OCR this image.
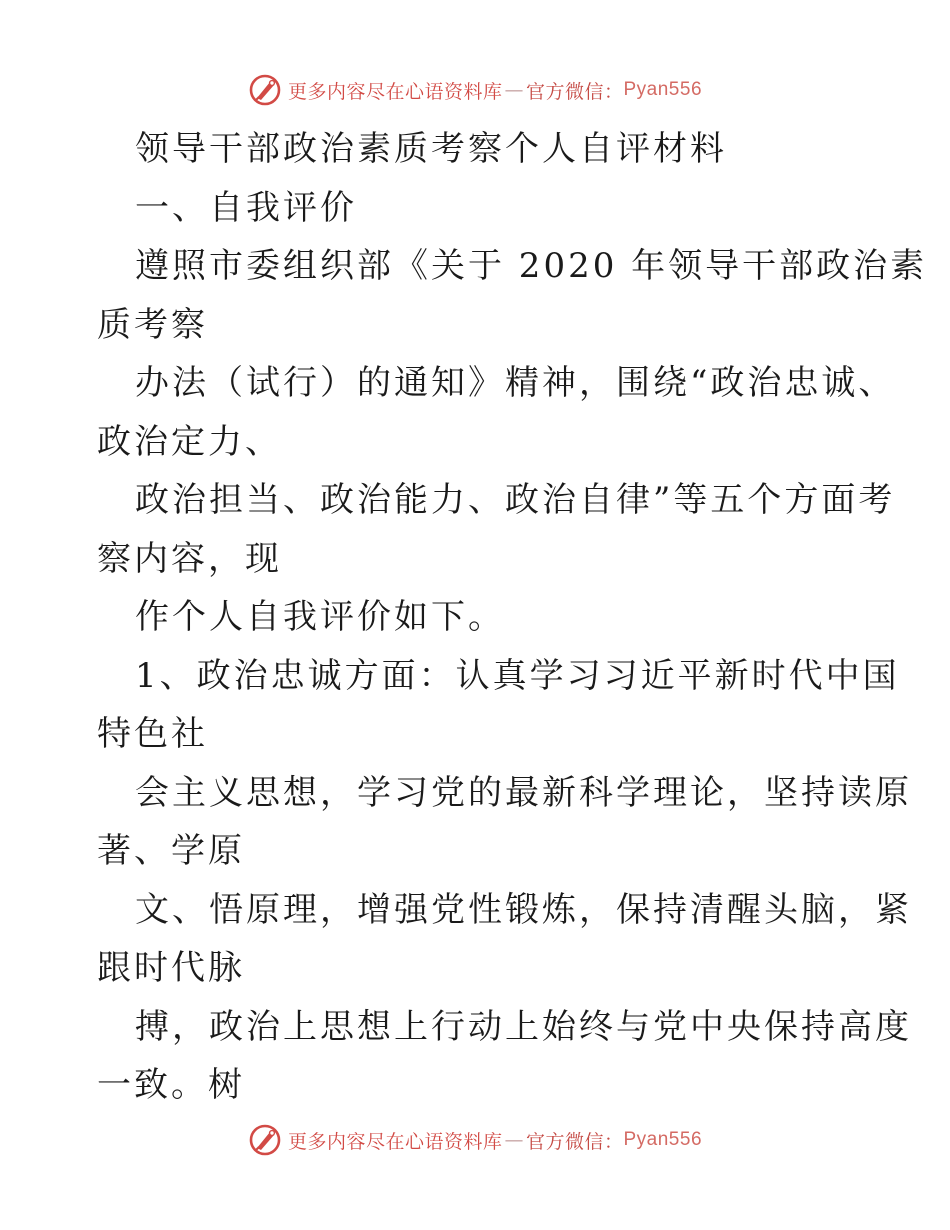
更多内容尽在心语资料库 — 官方微信： Pyan556
领导干部政治素质考察个人自评材料
一、自我评价
遵照市委组织部《关于 2020 年领导干部政治素
质考察
办法（试行）的通知》精神，围绕“政治忠诚、
政治定力、
政治担当、政治能力、政治自律”等五个方面考
察内容，现
作个人自我评价如下。
1、政治忠诚方面：认真学习习近平新时代中国
特色社
会主义思想，学习党的最新科学理论，坚持读原
著、学原
文、悟原理，增强党性锻炼，保持清醒头脑，紧
跟时代脉
搏，政治上思想上行动上始终与党中央保持高度
一致。树
更多内容尽在心语资料库 — 官方微信： Pyan556
